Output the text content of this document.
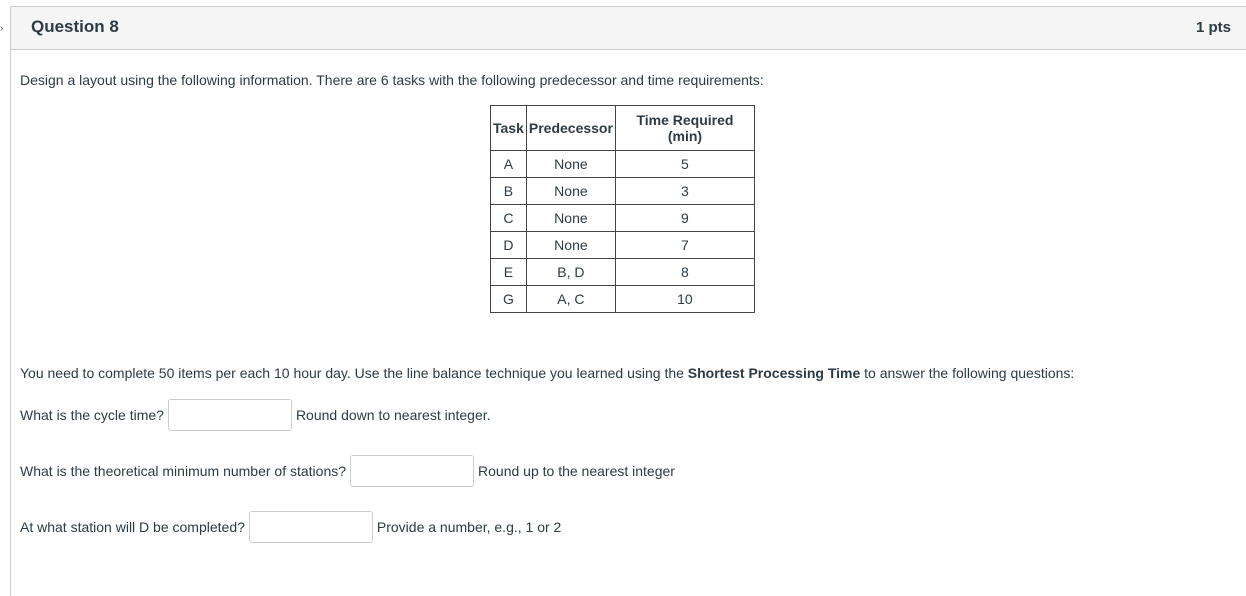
› Question 8	1 pts
Design a layout using the following information. There are 6 tasks with the following predecessor and time requirements:
Task	Predecessor	Time Required (min)
A	None	5
B	None	3
C	None	9
D	None	7
E	B, D	8
G	A, C	10
You need to complete 50 items per each 10 hour day. Use the line balance technique you learned using the Shortest Processing Time to answer the following questions:
What is the cycle time?	Round down to nearest integer.
What is the theoretical minimum number of stations?	Round up to the nearest integer
At what station will D be completed?	Provide a number, e.g., 1 or 2
